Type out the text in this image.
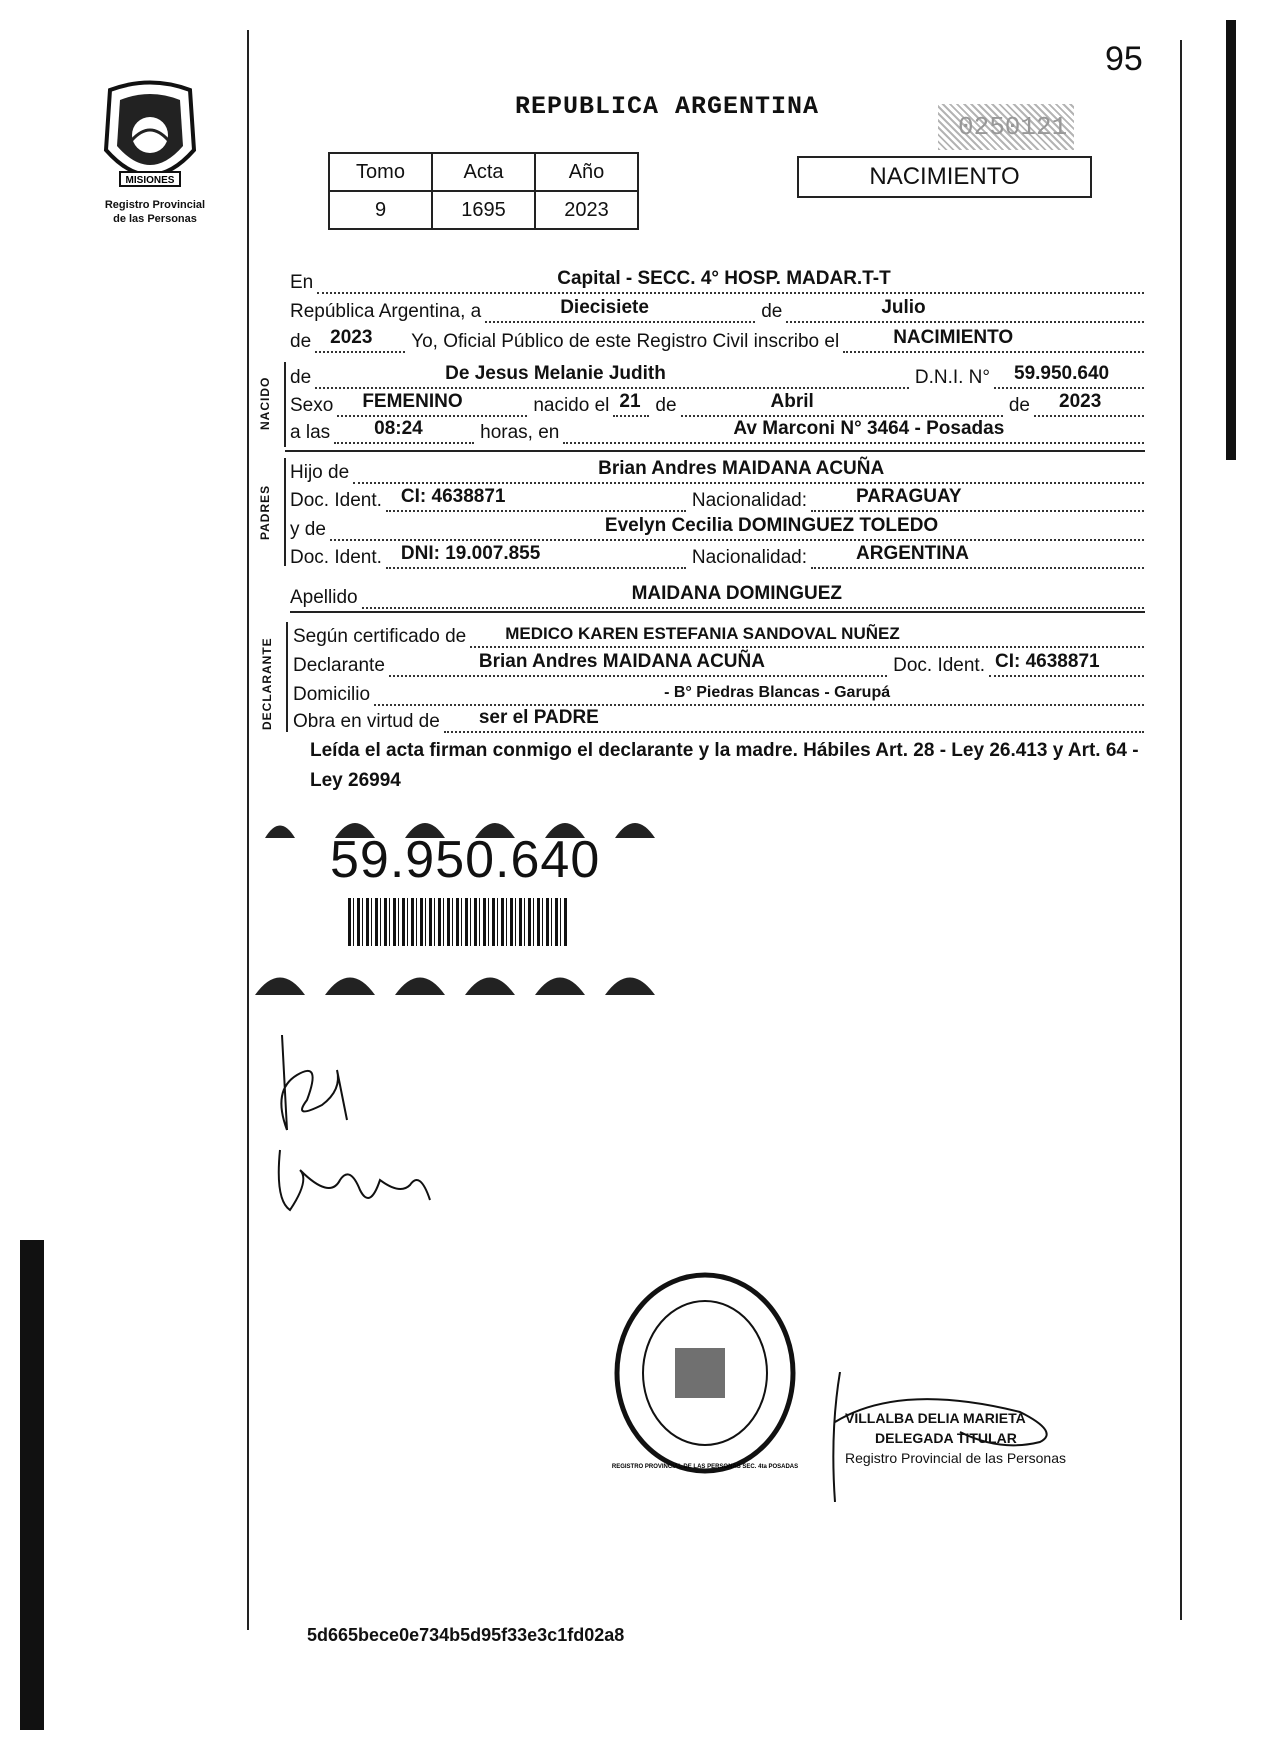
MISIONES
Registro Provincial
de las Personas
95
REPUBLICA ARGENTINA
0250121
Tomo	Acta	Año
9	1695	2023
NACIMIENTO
En	Capital - SECC. 4° HOSP. MADAR.T-T
República Argentina, a	Diecisiete	de	Julio
de 2023	Yo, Oficial Público de este Registro Civil inscribo el	NACIMIENTO
NACIDO de	De Jesus Melanie Judith	D.N.I. N° 59.950.640
Sexo FEMENINO	nacido el 21 de	Abril	de 2023
a las 08:24	horas, en	Av Marconi N° 3464 - Posadas
PADRES
Hijo de	Brian Andres MAIDANA ACUÑA
Doc. Ident. CI: 4638871	Nacionalidad:	PARAGUAY
y de	Evelyn Cecilia DOMINGUEZ TOLEDO
Doc. Ident. DNI: 19.007.855	Nacionalidad:	ARGENTINA
Apellido	MAIDANA DOMINGUEZ
DECLARANTE
Según certificado de MEDICO KAREN ESTEFANIA SANDOVAL NUÑEZ
Declarante	Brian Andres MAIDANA ACUÑA	Doc. Ident. CI: 4638871
Domicilio	- B° Piedras Blancas - Garupá
Obra en virtud de ser el PADRE
Leída el acta firman conmigo el declarante y la madre. Hábiles Art. 28 - Ley 26.413 y Art. 64 - Ley 26994
59.950.640
REGISTRO PROVINCIAL DE LAS PERSONAS SEC. 4ta POSADAS
VILLALBA DELIA MARIETA
DELEGADA TITULAR
Registro Provincial de las Personas
5d665bece0e734b5d95f33e3c1fd02a8
